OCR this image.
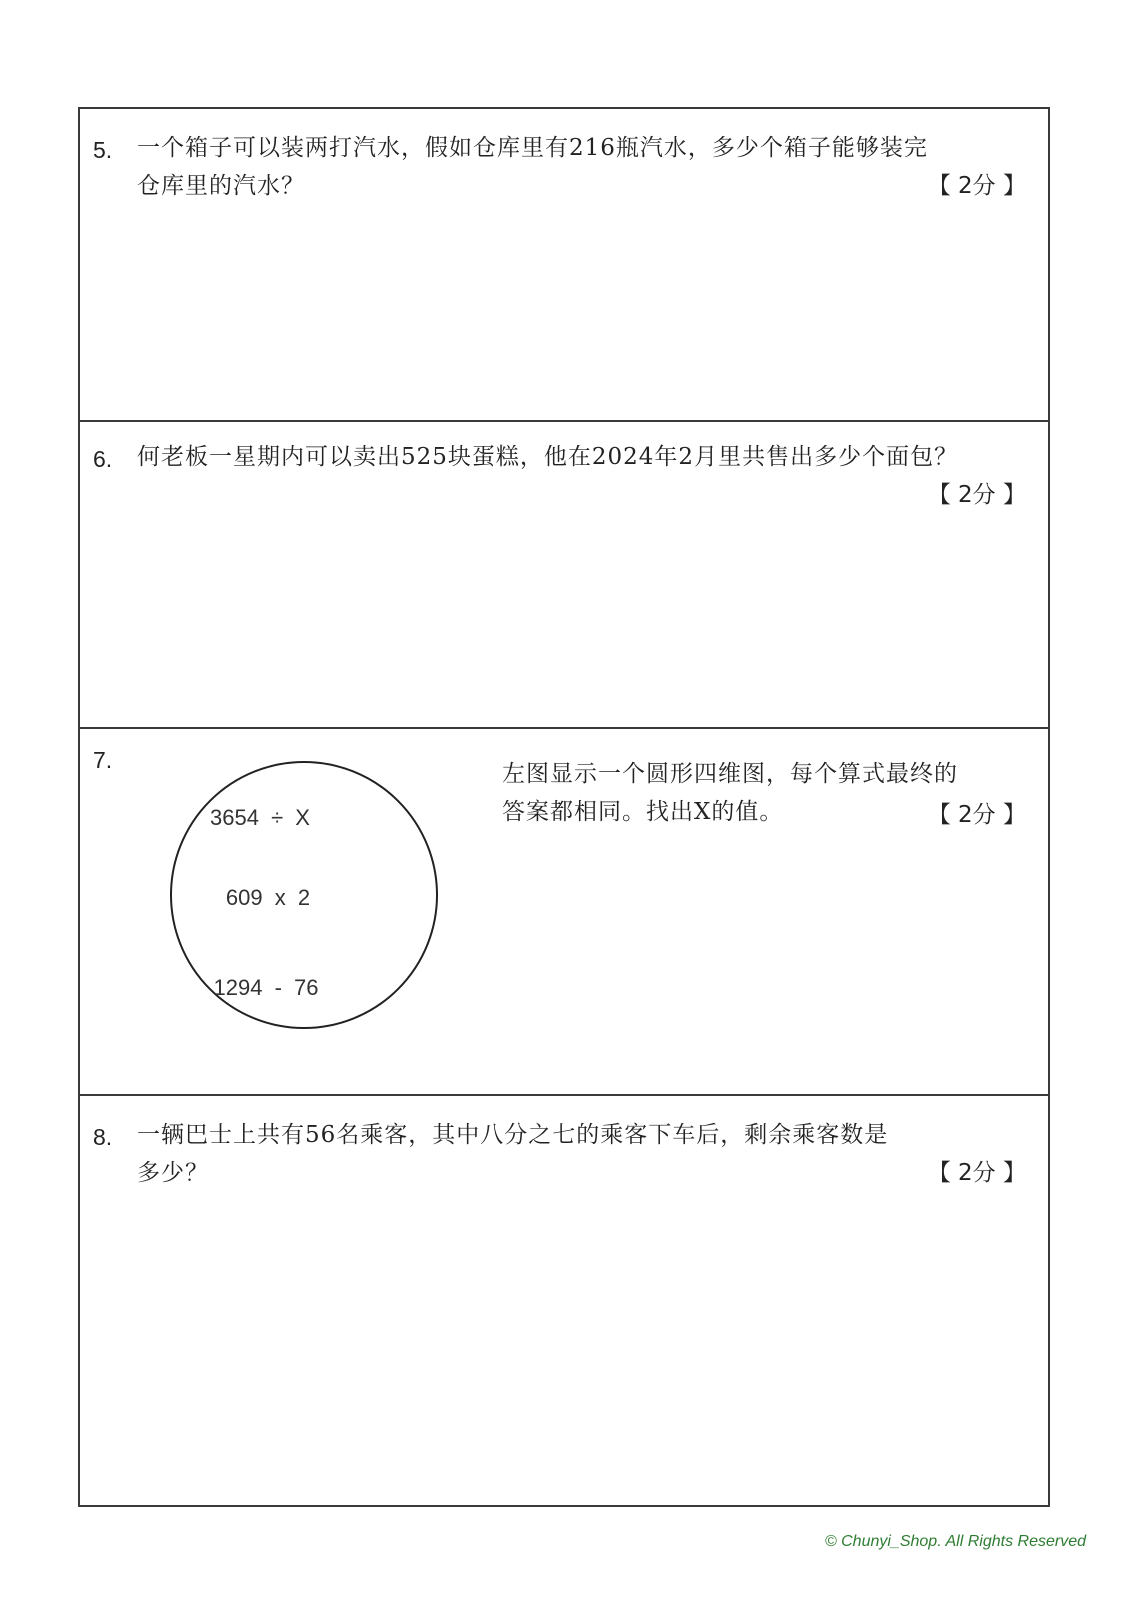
5. 一个箱子可以装两打汽水，假如仓库里有216瓶汽水，多少个箱子能够装完
仓库里的汽水？	【 2分 】
6. 何老板一星期内可以卖出525块蛋糕，他在2024年2月里共售出多少个面包？
【 2分 】
7.
3654 ÷ X
609 x 2
1294 - 76
左图显示一个圆形四维图，每个算式最终的
答案都相同。找出X的值。	【 2分 】
8. 一辆巴士上共有56名乘客，其中八分之七的乘客下车后，剩余乘客数是
多少？	【 2分 】
© Chunyi_Shop. All Rights Reserved
